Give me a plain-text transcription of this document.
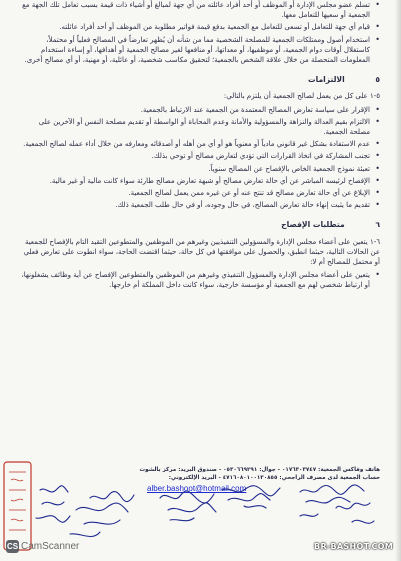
• تسلم عضو مجلس الإدارة أو الموظف أو أحد أفراد عائلته من أي جهة لمبالغ أو أشياء ذات قيمة بسبب تعامل تلك الجهة مع الجمعية أو سعيها للتعامل معها.
• قيام أي جهة للتعامل أو تسعى للتعامل مع الجمعية بدفع قيمة فواتير مطلوبة من الموظف أو أحد أفراد عائلته.
• استخدام أصول وممتلكات الجمعية للمصلحة الشخصية مما من شأنه أن يُظهر تعارضاً في المصالح فعلياً أو محتملاً، كاستغلال أوقات دوام الجمعية، أو موظفيها، أو معداتها، أو منافعها لغير مصالح الجمعية أو أهدافها، أو إساءة استخدام المعلومات المتحصلة من خلال علاقة الشخص بالجمعية؛ لتحقيق مكاسب شخصية، أو عائلية، أو مهنية، أو أي مصالح أخرى.
٥ الالتزامات
٥-١ على كل من يعمل لصالح الجمعية أن يلتزم بالتالي:
• الإقرار على سياسة تعارض المصالح المعتمدة من الجمعية عند الارتباط بالجمعية.
• الالتزام بقيم العدالة والنزاهة والمسؤولية والأمانة وعدم المحاباة أو الواسطة أو تقديم مصلحة النفس أو الآخرين على مصلحة الجمعية.
• عدم الاستفادة بشكل غير قانوني مادياً أو معنوياً هو أو أي من أهله أو أصدقائه ومعارفه من خلال أداء عمله لصالح الجمعية.
• تجنب المشاركة في اتخاذ القرارات التي تؤدي لتعارض مصالح أو توحي بذلك.
• تعبئة نموذج الجمعية الخاص بالإفصاح عن المصالح سنوياً.
• الإفصاح لرئيسه المباشر عن أي حالة تعارض مصالح أو شبهة تعارض مصالح طارئة سواء كانت مالية أو غير مالية.
• الإبلاغ عن أي حالة تعارض مصالح قد تنتج عنه أو عن غيره ممن يعمل لصالح الجمعية.
• تقديم ما يثبت إنهاء حالة تعارض المصالح، في حال وجوده، أو في حال طلب الجمعية ذلك.
٦ متطلبات الإفصاح
٦-١ يتعين على أعضاء مجلس الإدارة والمسؤولين التنفيذيين وغيرهم من الموظفين والمتطوعين التقيد التام بالإفصاح للجمعية عن الحالات التالية، حيثما انطبق، والحصول على موافقتها في كل حالة، حيثما اقتضت الحاجة، سواء انطوت على تعارض فعلي أو محتمل للمصالح أم لا:
• يتعين على أعضاء مجلس الإدارة والمسؤول التنفيذي وغيرهم من الموظفين والمتطوعين الإفصاح عن أية وظائف يشغلونها، أو ارتباط شخصي لهم مع الجمعية أو مؤسسة خارجية، سواء كانت داخل المملكة أم خارجها.
هاتف وفاكس الجمعية: ٠١٧٦٣٠٣٧٤٧ - جوال: ٠٥٣٠٦٦٩٢٩١ - صندوق البريد: مركز بالشوت
حساب الجمعية لدى مصرف الراجحي: ٤٧١٦٠٨٠١٠٠١٣٠٨٥٥ - البريد الإلكتروني:
alber.bashoot@hotmail.com
CS CamScanner	BR-BASHOT.COM
